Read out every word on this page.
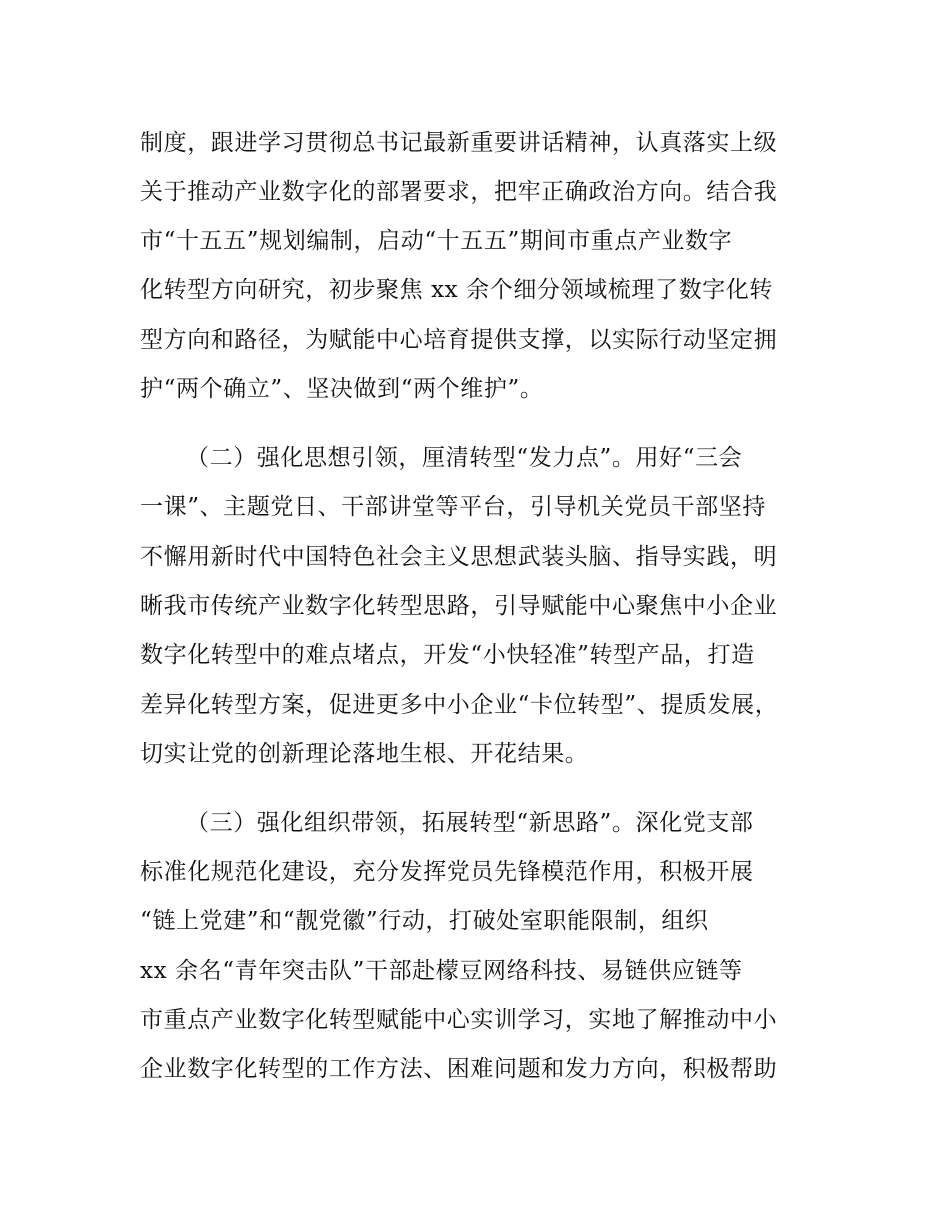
制度，跟进学习贯彻总书记最新重要讲话精神，认真落实上级
关于推动产业数字化的部署要求，把牢正确政治方向。结合我
市“十五五”规划编制，启动“十五五”期间市重点产业数字
化转型方向研究，初步聚焦 xx 余个细分领域梳理了数字化转
型方向和路径，为赋能中心培育提供支撑，以实际行动坚定拥
护“两个确立”、坚决做到“两个维护”。
（二）强化思想引领，厘清转型“发力点”。用好“三会
一课”、主题党日、干部讲堂等平台，引导机关党员干部坚持
不懈用新时代中国特色社会主义思想武装头脑、指导实践，明
晰我市传统产业数字化转型思路，引导赋能中心聚焦中小企业
数字化转型中的难点堵点，开发“小快轻准”转型产品，打造
差异化转型方案，促进更多中小企业“卡位转型”、提质发展，
切实让党的创新理论落地生根、开花结果。
（三）强化组织带领，拓展转型“新思路”。深化党支部
标准化规范化建设，充分发挥党员先锋模范作用，积极开展
“链上党建”和“靓党徽”行动，打破处室职能限制，组织
xx 余名“青年突击队”干部赴檬豆网络科技、易链供应链等
市重点产业数字化转型赋能中心实训学习，实地了解推动中小
企业数字化转型的工作方法、困难问题和发力方向，积极帮助
